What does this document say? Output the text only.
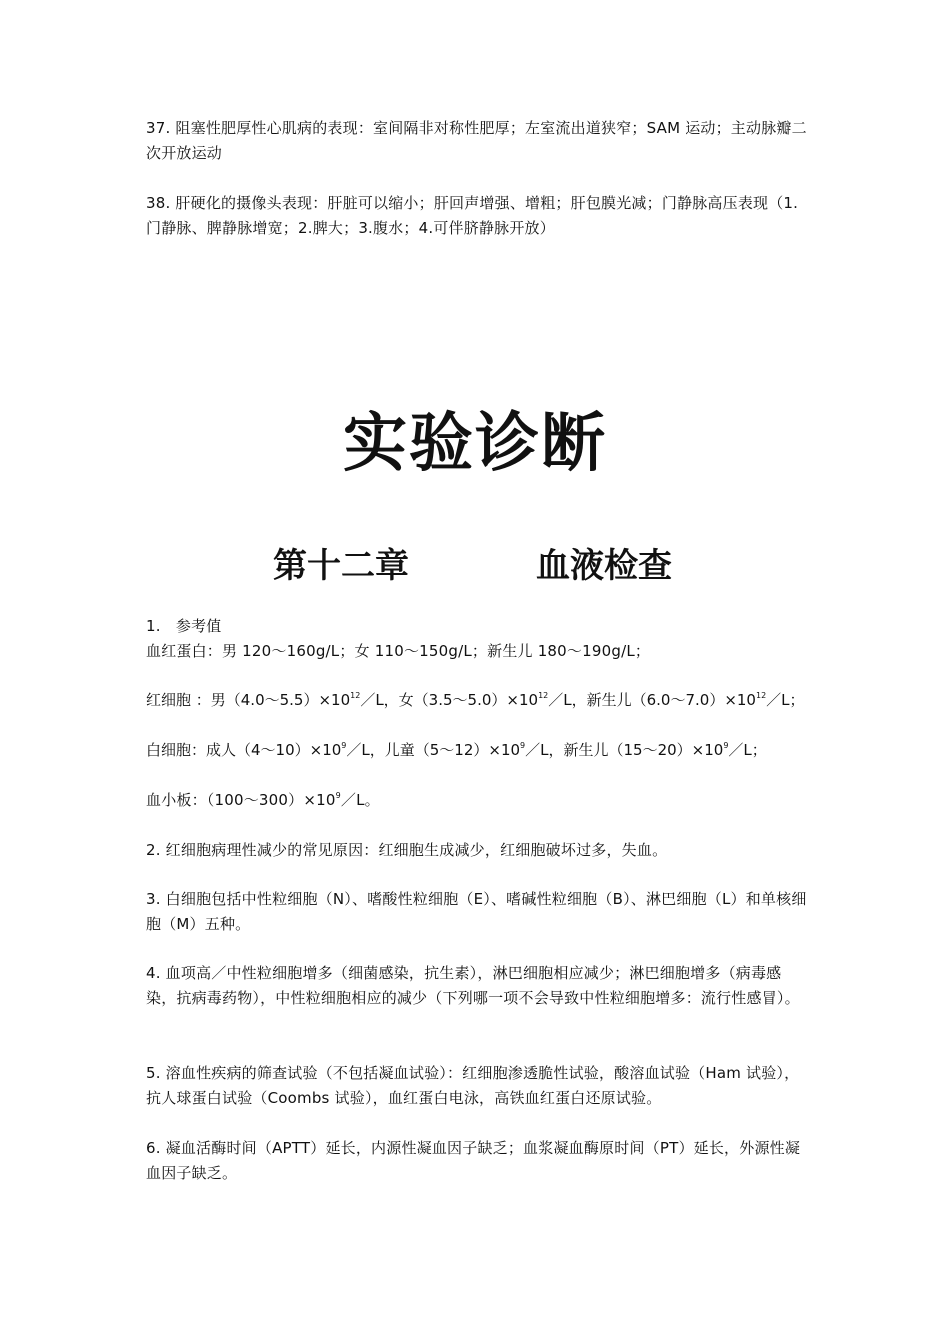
37. 阻塞性肥厚性心肌病的表现：室间隔非对称性肥厚；左室流出道狭窄；SAM 运动；主动脉瓣二次开放运动

38. 肝硬化的摄像头表现：肝脏可以缩小；肝回声增强、增粗；肝包膜光减；门静脉高压表现（1.门静脉、脾静脉增宽；2.脾大；3.腹水；4.可伴脐静脉开放）

实验诊断
第十二章	血液检查

1.　参考值

血红蛋白：男 120～160g/L；女 110～150g/L；新生儿 180～190g/L；

红细胞 ：男$(4.0\sim 5.5)\times 10^{12}/L$，女$(3.5\sim 5.0)\times 10^{12}/L$，新生儿$(6.0\sim 7.0)\times 10^{12}/L$；

白细胞：成人$(4\sim 10)\times 10^9/L$，儿童$(5\sim 12)\times 10^9/L$，新生儿$(15\sim 20)\times 10^9/L$；

血小板：$(100\sim 300)\times 10^9/L$。

2. 红细胞病理性减少的常见原因：红细胞生成减少，红细胞破坏过多，失血。

3. 白细胞包括中性粒细胞（N）、嗜酸性粒细胞（E）、嗜碱性粒细胞（B）、淋巴细胞（L）和单核细胞（M）五种。

4. 血项高／中性粒细胞增多（细菌感染，抗生素），淋巴细胞相应减少；淋巴细胞增多（病毒感染，抗病毒药物），中性粒细胞相应的减少（下列哪一项不会导致中性粒细胞增多：流行性感冒）。

5. 溶血性疾病的筛查试验（不包括凝血试验）：红细胞渗透脆性试验，酸溶血试验（Ham 试验），抗人球蛋白试验（Coombs 试验），血红蛋白电泳，高铁血红蛋白还原试验。

6. 凝血活酶时间（APTT）延长，内源性凝血因子缺乏；血浆凝血酶原时间（PT）延长，外源性凝血因子缺乏。
